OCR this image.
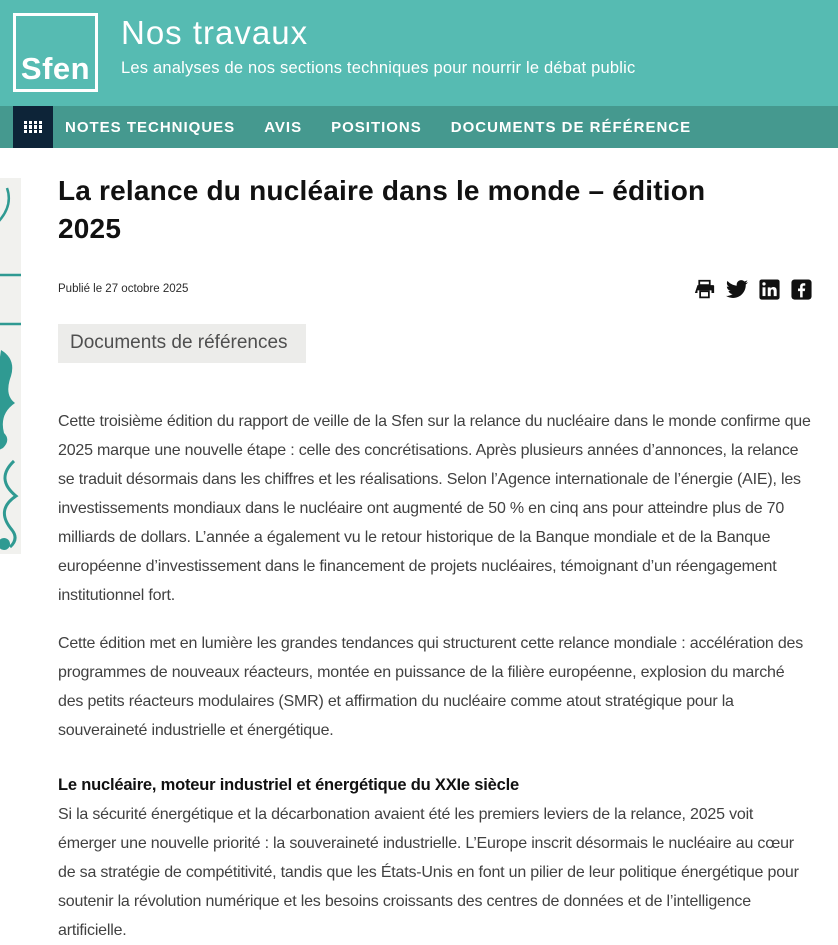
Sfen
Nos travaux
Les analyses de nos sections techniques pour nourrir le débat public
NOTES TECHNIQUES AVIS POSITIONS DOCUMENTS DE RÉFÉRENCE
La relance du nucléaire dans le monde – édition 2025
Publié le 27 octobre 2025
Documents de références

Cette troisième édition du rapport de veille de la Sfen sur la relance du nucléaire dans le monde confirme que 2025 marque une nouvelle étape : celle des concrétisations. Après plusieurs années d’annonces, la relance se traduit désormais dans les chiffres et les réalisations. Selon l’Agence internationale de l’énergie (AIE), les investissements mondiaux dans le nucléaire ont augmenté de 50 % en cinq ans pour atteindre plus de 70 milliards de dollars. L’année a également vu le retour historique de la Banque mondiale et de la Banque européenne d’investissement dans le financement de projets nucléaires, témoignant d’un réengagement institutionnel fort.

Cette édition met en lumière les grandes tendances qui structurent cette relance mondiale : accélération des programmes de nouveaux réacteurs, montée en puissance de la filière européenne, explosion du marché des petits réacteurs modulaires (SMR) et affirmation du nucléaire comme atout stratégique pour la souveraineté industrielle et énergétique.

Le nucléaire, moteur industriel et énergétique du XXIe siècle

Si la sécurité énergétique et la décarbonation avaient été les premiers leviers de la relance, 2025 voit émerger une nouvelle priorité : la souveraineté industrielle. L’Europe inscrit désormais le nucléaire au cœur de sa stratégie de compétitivité, tandis que les États-Unis en font un pilier de leur politique énergétique pour soutenir la révolution numérique et les besoins croissants des centres de données et de l’intelligence artificielle.
